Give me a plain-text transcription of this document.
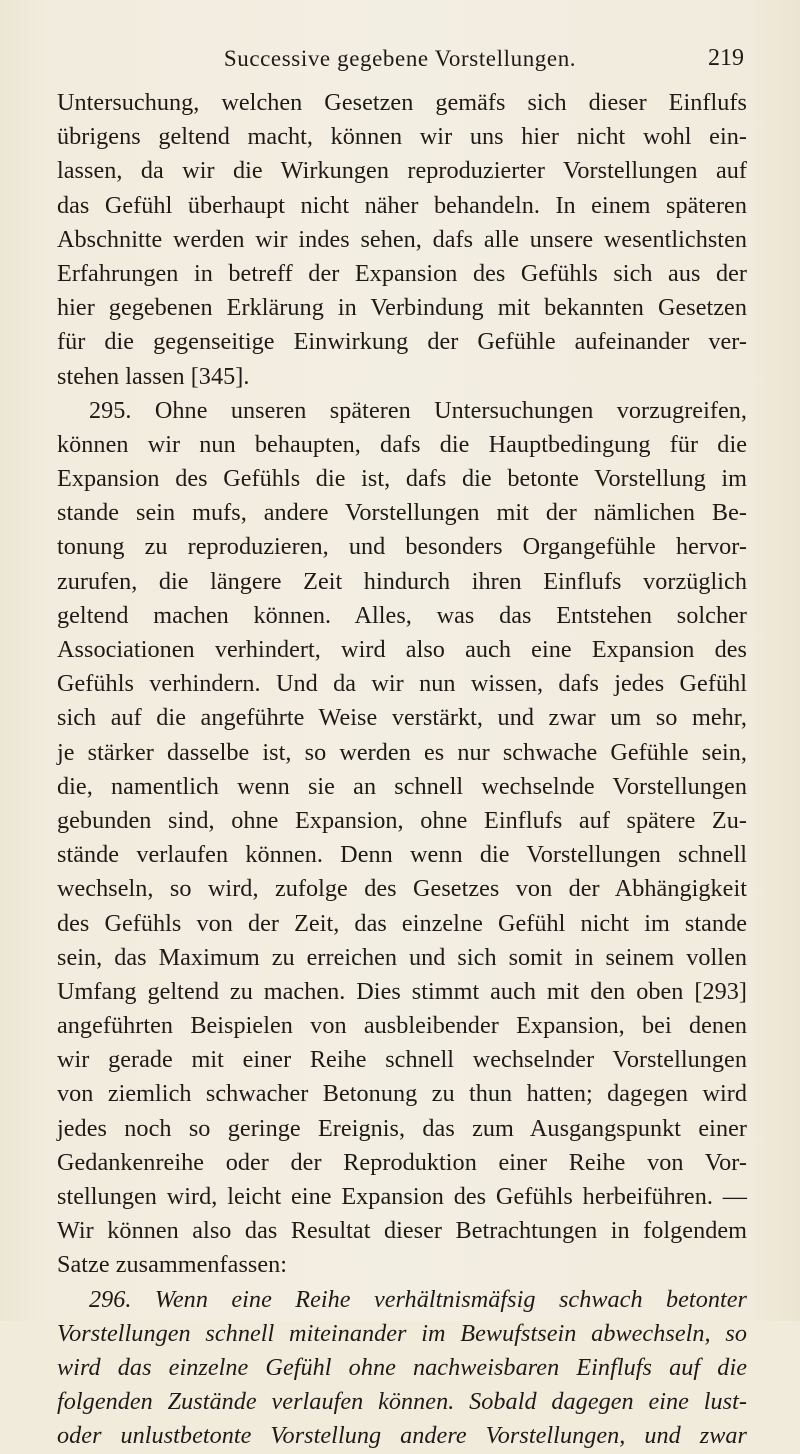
Successive gegebene Vorstellungen.	219
Untersuchung, welchen Gesetzen gemäfs sich dieser Einflufs
übrigens geltend macht, können wir uns hier nicht wohl ein-
lassen, da wir die Wirkungen reproduzierter Vorstellungen auf
das Gefühl überhaupt nicht näher behandeln. In einem späteren
Abschnitte werden wir indes sehen, dafs alle unsere wesentlichsten
Erfahrungen in betreff der Expansion des Gefühls sich aus der
hier gegebenen Erklärung in Verbindung mit bekannten Gesetzen
für die gegenseitige Einwirkung der Gefühle aufeinander ver-
stehen lassen [345].
295. Ohne unseren späteren Untersuchungen vorzugreifen,
können wir nun behaupten, dafs die Hauptbedingung für die
Expansion des Gefühls die ist, dafs die betonte Vorstellung im
stande sein mufs, andere Vorstellungen mit der nämlichen Be-
tonung zu reproduzieren, und besonders Organgefühle hervor-
zurufen, die längere Zeit hindurch ihren Einflufs vorzüglich
geltend machen können. Alles, was das Entstehen solcher
Associationen verhindert, wird also auch eine Expansion des
Gefühls verhindern. Und da wir nun wissen, dafs jedes Gefühl
sich auf die angeführte Weise verstärkt, und zwar um so mehr,
je stärker dasselbe ist, so werden es nur schwache Gefühle sein,
die, namentlich wenn sie an schnell wechselnde Vorstellungen
gebunden sind, ohne Expansion, ohne Einflufs auf spätere Zu-
stände verlaufen können. Denn wenn die Vorstellungen schnell
wechseln, so wird, zufolge des Gesetzes von der Abhängigkeit
des Gefühls von der Zeit, das einzelne Gefühl nicht im stande
sein, das Maximum zu erreichen und sich somit in seinem vollen
Umfang geltend zu machen. Dies stimmt auch mit den oben [293]
angeführten Beispielen von ausbleibender Expansion, bei denen
wir gerade mit einer Reihe schnell wechselnder Vorstellungen
von ziemlich schwacher Betonung zu thun hatten; dagegen wird
jedes noch so geringe Ereignis, das zum Ausgangspunkt einer
Gedankenreihe oder der Reproduktion einer Reihe von Vor-
stellungen wird, leicht eine Expansion des Gefühls herbeiführen. —
Wir können also das Resultat dieser Betrachtungen in folgendem
Satze zusammenfassen:
296. Wenn eine Reihe verhältnismäfsig schwach betonter
Vorstellungen schnell miteinander im Bewufstsein abwechseln, so
wird das einzelne Gefühl ohne nachweisbaren Einflufs auf die
folgenden Zustände verlaufen können. Sobald dagegen eine lust-
oder unlustbetonte Vorstellung andere Vorstellungen, und zwar
